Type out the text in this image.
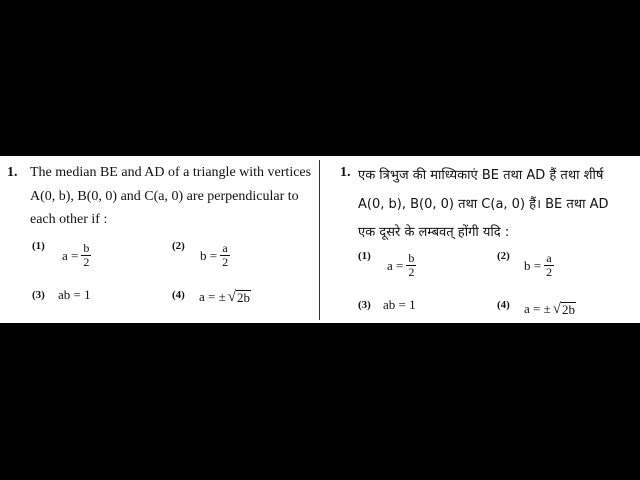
1. The median BE and AD of a triangle with vertices
A(0, b), B(0, 0) and C(a, 0) are perpendicular to
each other if :
(1)
$a = \frac{b}{2}$	(2)
$b = \frac{a}{2}$
(3) ab = 1	(4) a = ± √ 2b
1. एक त्रिभुज की माध्यिकाएं BE तथा AD हैं तथा शीर्ष
A(0, b), B(0, 0) तथा C(a, 0) हैं। BE तथा AD
एक दूसरे के लम्बवत् होंगी यदि :
(1)
$a = \frac{b}{2}$	(2)
$b = \frac{a}{2}$
(3) ab = 1	(4) a = ± √ 2b
